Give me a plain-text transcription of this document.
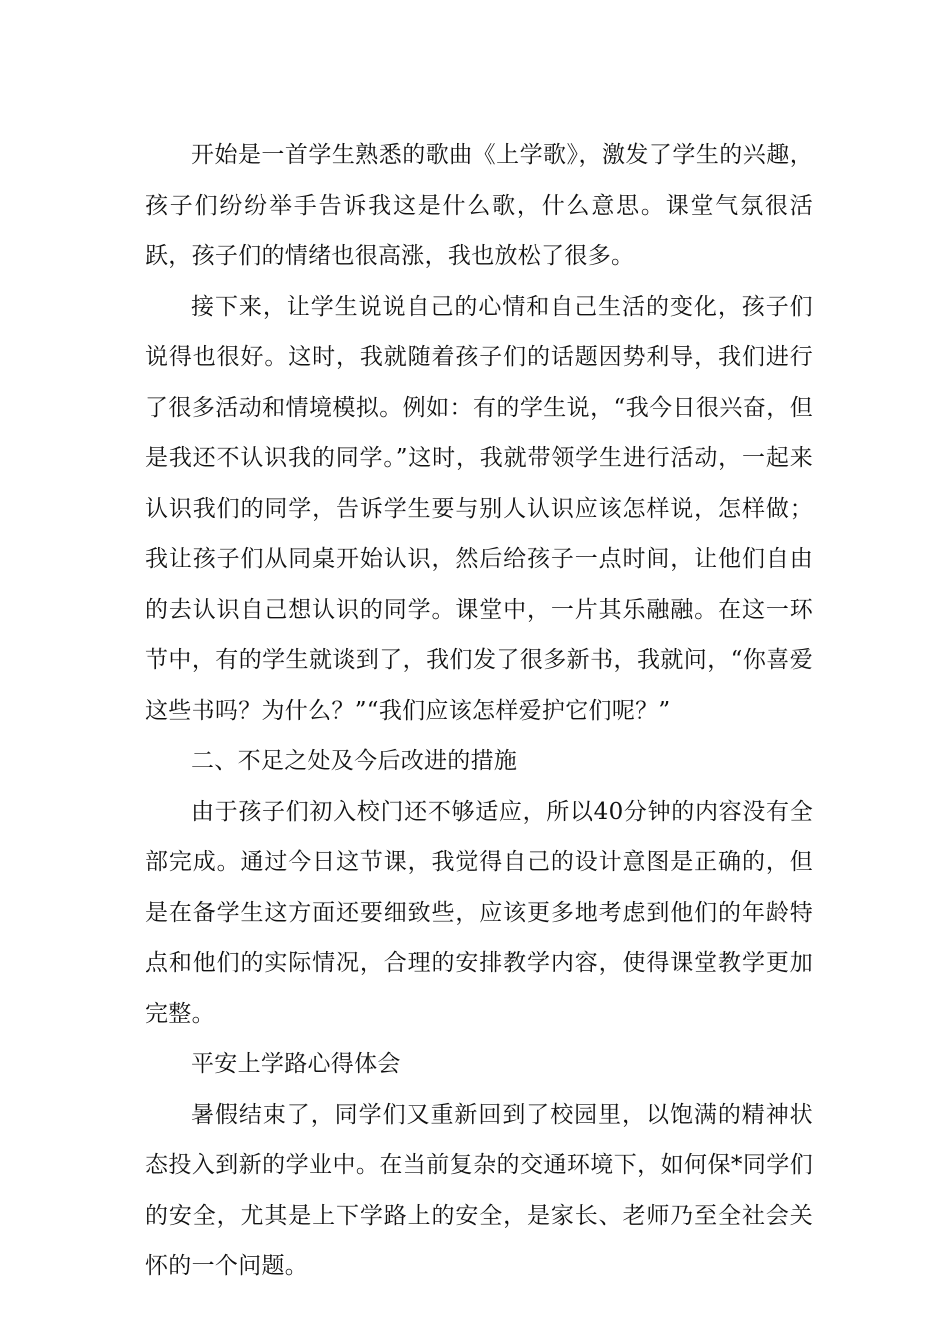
开始是一首学生熟悉的歌曲《上学歌》，激发了学生的兴趣，孩子们纷纷举手告诉我这是什么歌，什么意思。课堂气氛很活跃，孩子们的情绪也很高涨，我也放松了很多。

接下来，让学生说说自己的心情和自己生活的变化，孩子们说得也很好。这时，我就随着孩子们的话题因势利导，我们进行了很多活动和情境模拟。例如：有的学生说，“我今日很兴奋，但是我还不认识我的同学。”这时，我就带领学生进行活动，一起来认识我们的同学，告诉学生要与别人认识应该怎样说，怎样做；我让孩子们从同桌开始认识，然后给孩子一点时间，让他们自由的去认识自己想认识的同学。课堂中，一片其乐融融。在这一环节中，有的学生就谈到了，我们发了很多新书，我就问，“你喜爱这些书吗？为什么？”“我们应该怎样爱护它们呢？”

二、不足之处及今后改进的措施

由于孩子们初入校门还不够适应，所以40分钟的内容没有全部完成。通过今日这节课，我觉得自己的设计意图是正确的，但是在备学生这方面还要细致些，应该更多地考虑到他们的年龄特点和他们的实际情况，合理的安排教学内容，使得课堂教学更加完整。

平安上学路心得体会

暑假结束了，同学们又重新回到了校园里，以饱满的精神状态投入到新的学业中。在当前复杂的交通环境下，如何保*同学们的安全，尤其是上下学路上的安全，是家长、老师乃至全社会关怀的一个问题。
